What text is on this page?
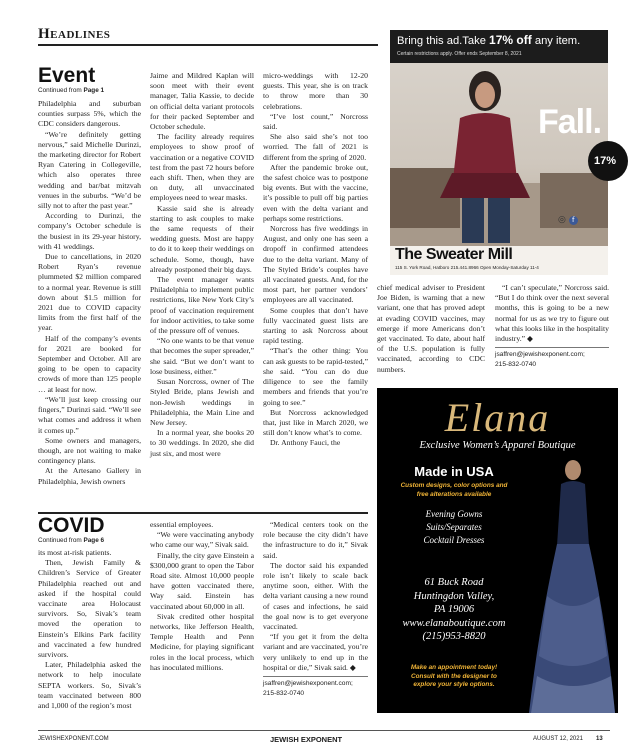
Headlines
Event
Continued from Page 1

Philadelphia and suburban counties surpass 5%, which the CDC considers dangerous.

“We’re definitely getting nervous,” said Michelle Durinzi, the marketing director for Robert Ryan Catering in Collegeville, which also operates three wedding and bar/bat mitzvah venues in the suburbs. “We’d be silly not to after the past year.”

According to Durinzi, the company’s October schedule is the busiest in its 29-year history, with 41 weddings.

Due to cancellations, in 2020 Robert Ryan’s revenue plummeted $2 million compared to a normal year. Revenue is still down about $1.5 million for 2021 due to COVID capacity limits from the first half of the year.

Half of the company’s events for 2021 are booked for September and October. All are going to be open to capacity crowds of more than 125 people … at least for now.

“We’ll just keep crossing our fingers,” Durinzi said. “We’ll see what comes and address it when it comes up.”

Some owners and managers, though, are not waiting to make contingency plans.

At the Artesano Gallery in Philadelphia, Jewish owners

Jaime and Mildred Kaplan will soon meet with their event manager, Talia Kassie, to decide on official delta variant protocols for their packed September and October schedule.

The facility already requires employees to show proof of vaccination or a negative COVID test from the past 72 hours before each shift. Then, when they are on duty, all unvaccinated employees need to wear masks.

Kassie said she is already starting to ask couples to make the same requests of their wedding guests. Most are happy to do it to keep their weddings on schedule. Some, though, have already postponed their big days.

The event manager wants Philadelphia to implement public restrictions, like New York City’s proof of vaccination requirement for indoor activities, to take some of the pressure off of venues.

“No one wants to be that venue that becomes the super spreader,” she said. “But we don’t want to lose business, either.”

Susan Norcross, owner of The Styled Bride, plans Jewish and non-Jewish weddings in Philadelphia, the Main Line and New Jersey.

In a normal year, she books 20 to 30 weddings. In 2020, she did just six, and most were

micro-weddings with 12-20 guests. This year, she is on track to throw more than 30 celebrations.

“I’ve lost count,” Norcross said.

She also said she’s not too worried. The fall of 2021 is different from the spring of 2020.

After the pandemic broke out, the safest choice was to postpone big events. But with the vaccine, it’s possible to pull off big parties even with the delta variant and perhaps some restrictions.

Norcross has five weddings in August, and only one has seen a dropoff in confirmed attendees due to the delta variant. Many of The Styled Bride’s couples have all vaccinated guests. And, for the most part, her partner vendors’ employees are all vaccinated.

Some couples that don’t have fully vaccinated guest lists are starting to ask Norcross about rapid testing.

“That’s the other thing: You can ask guests to be rapid-tested,” she said. “You can do due diligence to see the family members and friends that you’re going to see.”

But Norcross acknowledged that, just like in March 2020, we still don’t know what’s to come.

Dr. Anthony Fauci, the

chief medical adviser to President Joe Biden, is warning that a new variant, one that has proved adept at evading COVID vaccines, may emerge if more Americans don’t get vaccinated. To date, about half of the U.S. population is fully vaccinated, according to CDC numbers.

“I can’t speculate,” Norcross said. “But I do think over the next several months, this is going to be a new normal for us as we try to figure out what this looks like in the hospitality industry.” ◆

jsaffren@jewishexponent.com;
215-832-0740
Bring this ad.Take 17% off any item.
Certain restrictions apply. Offer ends September 8, 2021
Fall.
17%
◎ f
The Sweater Mill
115 S. York Road, Hatboro 215.441.8966 Open Monday-Saturday 11-4
Elana
Exclusive Women’s Apparel Boutique
Made in USA
Custom designs, color options and
free alterations available
Evening Gowns
Suits/Separates
Cocktail Dresses
61 Buck Road
Huntingdon Valley,
PA 19006
www.elanaboutique.com
(215)953-8820
Make an appointment today!
Consult with the designer to
explore your style options.
COVID
Continued from Page 6

its most at-risk patients.

Then, Jewish Family & Children’s Service of Greater Philadelphia reached out and asked if the hospital could vaccinate area Holocaust survivors. So, Sivak’s team moved the operation to Einstein’s Elkins Park facility and vaccinated a few hundred survivors.

Later, Philadelphia asked the network to help inoculate SEPTA workers. So, Sivak’s team vaccinated between 800 and 1,000 of the region’s most

essential employees.

“We were vaccinating anybody who came our way,” Sivak said.

Finally, the city gave Einstein a $300,000 grant to open the Tabor Road site. Almost 10,000 people have gotten vaccinated there, Way said. Einstein has vaccinated about 60,000 in all.

Sivak credited other hospital networks, like Jefferson Health, Temple Health and Penn Medicine, for playing significant roles in the local process, which has inoculated millions.

“Medical centers took on the role because the city didn’t have the infrastructure to do it,” Sivak said.

The doctor said his expanded role isn’t likely to scale back anytime soon, either. With the delta variant causing a new round of cases and infections, he said the goal now is to get everyone vaccinated.

“If you get it from the delta variant and are vaccinated, you’re very unlikely to end up in the hospital or die,” Sivak said. ◆

jsaffren@jewishexponent.com;
215-832-0740
JEWISHEXPONENT.COM	JEWISH EXPONENT	AUGUST 12, 2021 13
